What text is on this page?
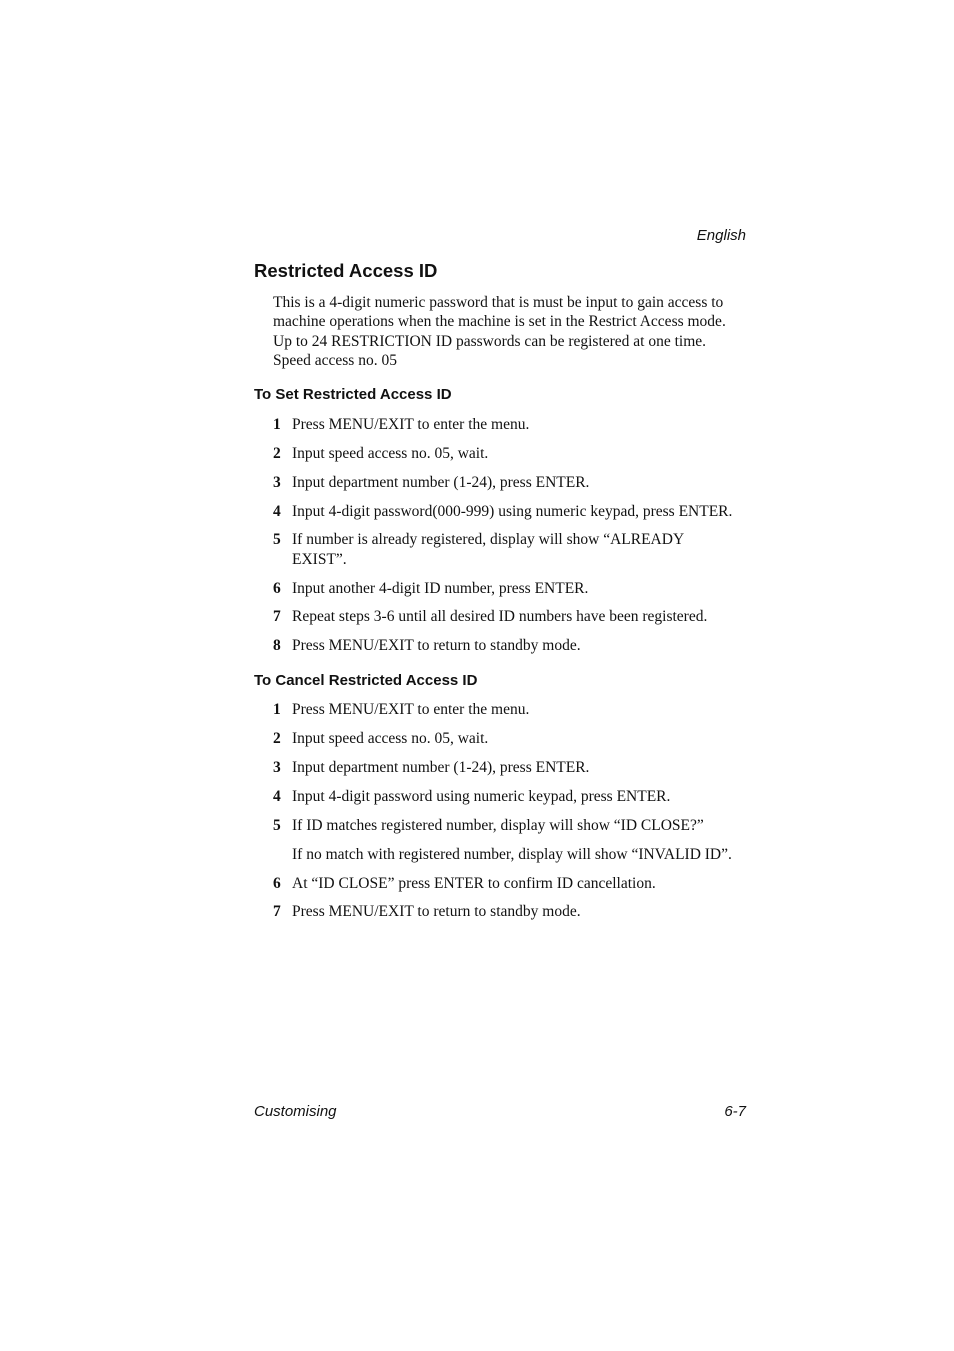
English
Restricted Access ID
This is a 4-digit numeric password that is must be input to gain access to
machine operations when the machine is set in the Restrict Access mode.
Up to 24 RESTRICTION ID passwords can be registered at one time.
Speed access no. 05
To Set Restricted Access ID
1 Press MENU/EXIT to enter the menu.
2 Input speed access no. 05, wait.
3 Input department number (1-24), press ENTER.
4 Input 4-digit password(000-999) using numeric keypad, press ENTER.
5 If number is already registered, display will show “ALREADY
EXIST”.
6 Input another 4-digit ID number, press ENTER.
7 Repeat steps 3-6 until all desired ID numbers have been registered.
8 Press MENU/EXIT to return to standby mode.
To Cancel Restricted Access ID
1 Press MENU/EXIT to enter the menu.
2 Input speed access no. 05, wait.
3 Input department number (1-24), press ENTER.
4 Input 4-digit password using numeric keypad, press ENTER.
5 If ID matches registered number, display will show “ID CLOSE?”
If no match with registered number, display will show “INVALID ID”.
6 At “ID CLOSE” press ENTER to confirm ID cancellation.
7 Press MENU/EXIT to return to standby mode.
Customising	6-7
